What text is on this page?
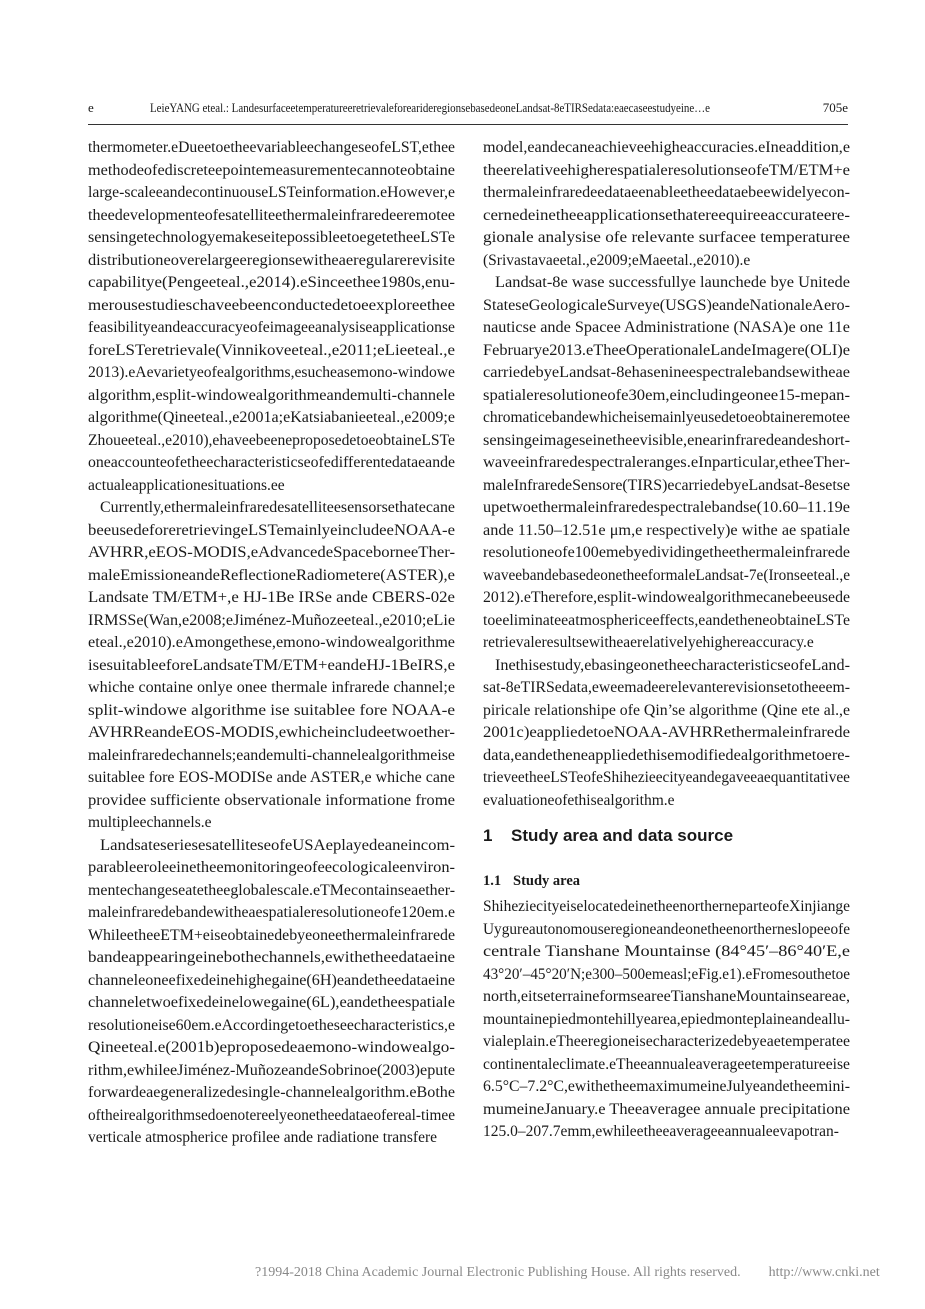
e	LeieYANG eteal.: LandesurfaceetemperatureeretrievaleforearideregionsebasedeoneLandsat-8eTIRSedata:eaecaseestudyeine…e	705e
thermometer.eDueetoetheevariableechangeseofeLST,ethee
methodeofediscreteepointemeasurementecannoteobtaine
large-scaleeandecontinuouseLSTeinformation.eHowever,e
theedevelopmenteofesatelliteethermaleinfraredeeremotee
sensingetechnologyemakeseitepossibleetoegetetheeLSTe
distributioneoverelargeeregionsewitheaeregularerevisite
capabilitye(Pengeeteal.,e2014).eSinceethee1980s,enu-
merousestudieschaveebeenconductedetoeexploreethee
feasibilityeandeaccuracyeofeimageeanalysiseapplicationse
foreLSTeretrievale(Vinnikoveeteal.,e2011;eLieeteal.,e
2013).eAevarietyeofealgorithms,esucheasemono-windowe
algorithm,esplit-windowealgorithmeandemulti-channele
algorithme(Qineeteal.,e2001a;eKatsiabanieeteal.,e2009;e
Zhoueeteal.,e2010),ehaveebeeneproposedetoeobtaineLSTe
oneaccounteofetheecharacteristicseofedifferentedataeande
actualeapplicationesituations.ee
Currently,ethermaleinfraredesatelliteesensorsethatecane
beeusedeforeretrievingeLSTemainlyeincludeeNOAA-e
AVHRR,eEOS-MODIS,eAdvancedeSpaceborneeTher-
maleEmissioneandeReflectioneRadiometere(ASTER),e
Landsate TM/ETM+,e HJ-1Be IRSe ande CBERS-02e
IRMSSe(Wan,e2008;eJiménez-Muñozeeteal.,e2010;eLie
eteal.,e2010).eAmongethese,emono-windowealgorithme
isesuitableeforeLandsateTM/ETM+eandeHJ-1BeIRS,e
whiche containe onlye onee thermale infrarede channel;e
split-windowe algorithme ise suitablee fore NOAA-e
AVHRReandeEOS-MODIS,ewhicheincludeetwoether-
maleinfraredechannels;eandemulti-channelealgorithmeise
suitablee fore EOS-MODISe ande ASTER,e whiche cane
providee sufficiente observationale informatione frome
multipleechannels.e
LandsateseriesesatelliteseofeUSAeplayedeaneincom-
parableeroleeinetheemonitoringeofeecologicaleenviron-
mentechangeseatetheeglobalescale.eTMecontainseaether-
maleinfraredebandewitheaespatialeresolutioneofe120em.e
WhileetheeETM+eiseobtainedebyeoneethermaleinfrarede
bandeappearingeinebothechannels,ewithetheedataeine
channeleoneefixedeinehighegaine(6H)eandetheedataeine
channeletwoefixedeinelowegaine(6L),eandetheespatiale
resolutioneise60em.eAccordingetoetheseecharacteristics,e
Qineeteal.e(2001b)eproposedeaemono-windowealgo-
rithm,ewhileeJiménez-MuñozeandeSobrinoe(2003)epute
forwardeaegeneralizedesingle-channelealgorithm.eBothe
oftheirealgorithmsedoenotereelyeonetheedataeofereal-timee
verticale atmospherice profilee ande radiatione transfere
model,eandecaneachieveehigheaccuracies.eIneaddition,e
theerelativeehigherespatialeresolutionseofeTM/ETM+e
thermaleinfraredeedataeenableetheedataebeewidelyecon-
cernedeinetheeapplicationsethatereequireeaccurateere-
gionale analysise ofe relevante surfacee temperaturee
(Srivastavaeetal.,e2009;eMaeetal.,e2010).e
Landsat-8e wase successfullye launchede bye Unitede
StateseGeologicaleSurveye(USGS)eandeNationaleAero-
nauticse ande Spacee Administratione (NASA)e one 11e
Februarye2013.eTheeOperationaleLandeImagere(OLI)e
carriedebyeLandsat-8ehasenineespectralebandsewitheae
spatialeresolutioneofe30em,eincludingeonee15-mepan-
chromaticebandewhicheisemainlyeusedetoeobtaineremotee
sensingeimageseinetheevisible,enearinfraredeandeshort-
waveeinfraredespectraleranges.eInparticular,etheeTher-
maleInfraredeSensore(TIRS)ecarriedebyeLandsat-8esetse
upetwoethermaleinfraredespectralebandse(10.60–11.19e
ande 11.50–12.51e μm,e respectively)e withe ae spatiale
resolutioneofe100emebyedividingetheethermaleinfrarede
waveebandebasedeonetheeformaleLandsat-7e(Ironseeteal.,e
2012).eTherefore,esplit-windowealgorithmecanebeeusede
toeeliminateeatmosphericeeffects,eandetheneobtaineLSTe
retrievaleresultsewitheaerelativelyehighereaccuracy.e
Inethisestudy,ebasingeonetheecharacteristicseofeLand-
sat-8eTIRSedata,eweemadeerelevanterevisionsetotheeem-
piricale relationshipe ofe Qin’se algorithme (Qine ete al.,e
2001c)eappliedetoeNOAA-AVHRRethermaleinfrarede
data,eandetheneappliedethisemodifiedealgorithmetoere-
trieveetheeLSTeofeShihezieecityeandegaveeaequantitativee
evaluationeofethisealgorithm.e
1 Study area and data source
1.1 Study area
ShiheziecityeiselocatedeinetheenortherneparteofeXinjiange
Uygureautonomouseregioneandeonetheenortherneslopeeofe
centrale Tianshane Mountainse (84°45′–86°40′E,e
43°20′–45°20′N;e300–500emeasl;eFig.e1).eFromesouthetoe
north,eitseterraineformseareeTianshaneMountainseareae,
mountainepiedmontehillyearea,epiedmonteplaineandeallu-
vialeplain.eTheeregioneisecharacterizedebyeaetemperatee
continentaleclimate.eTheeannualeaverageetemperatureeise
6.5°C–7.2°C,ewithetheemaximumeineJulyeandetheemini-
mumeineJanuary.e Theeaveragee annuale precipitatione
125.0–207.7emm,ewhileetheeaverageeannualeevapotran-
?1994-2018 China Academic Journal Electronic Publishing House. All rights reserved. http://www.cnki.net
